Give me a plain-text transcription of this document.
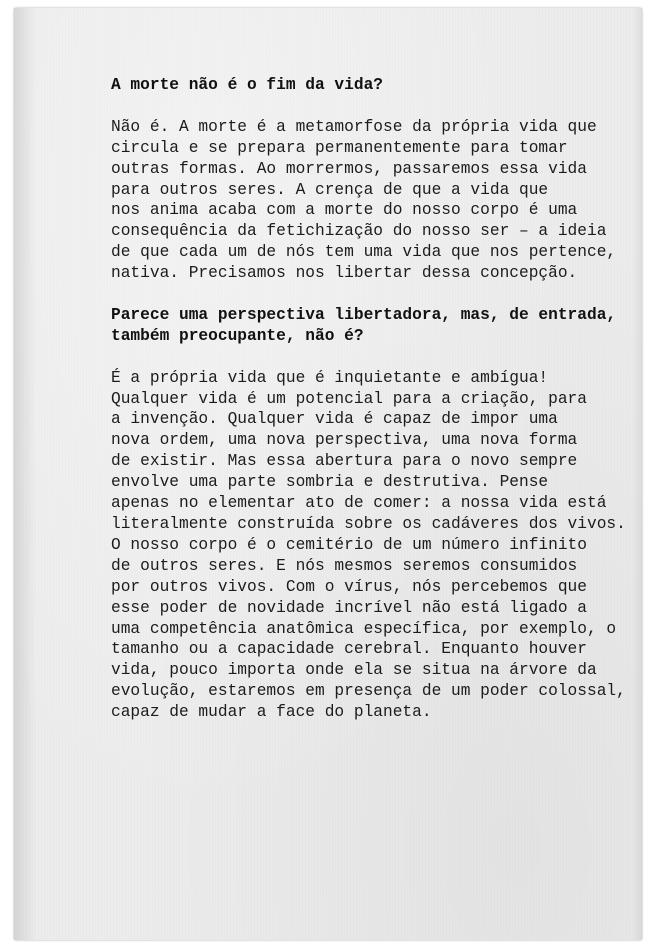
A morte não é o fim da vida?
Não é. A morte é a metamorfose da própria vida que
circula e se prepara permanentemente para tomar
outras formas. Ao morrermos, passaremos essa vida
para outros seres. A crença de que a vida que
nos anima acaba com a morte do nosso corpo é uma
consequência da fetichização do nosso ser – a ideia
de que cada um de nós tem uma vida que nos pertence,
nativa. Precisamos nos libertar dessa concepção.
Parece uma perspectiva libertadora, mas, de entrada,
também preocupante, não é?
É a própria vida que é inquietante e ambígua!
Qualquer vida é um potencial para a criação, para
a invenção. Qualquer vida é capaz de impor uma
nova ordem, uma nova perspectiva, uma nova forma
de existir. Mas essa abertura para o novo sempre
envolve uma parte sombria e destrutiva. Pense
apenas no elementar ato de comer: a nossa vida está
literalmente construída sobre os cadáveres dos vivos.
O nosso corpo é o cemitério de um número infinito
de outros seres. E nós mesmos seremos consumidos
por outros vivos. Com o vírus, nós percebemos que
esse poder de novidade incrível não está ligado a
uma competência anatômica específica, por exemplo, o
tamanho ou a capacidade cerebral. Enquanto houver
vida, pouco importa onde ela se situa na árvore da
evolução, estaremos em presença de um poder colossal,
capaz de mudar a face do planeta.
